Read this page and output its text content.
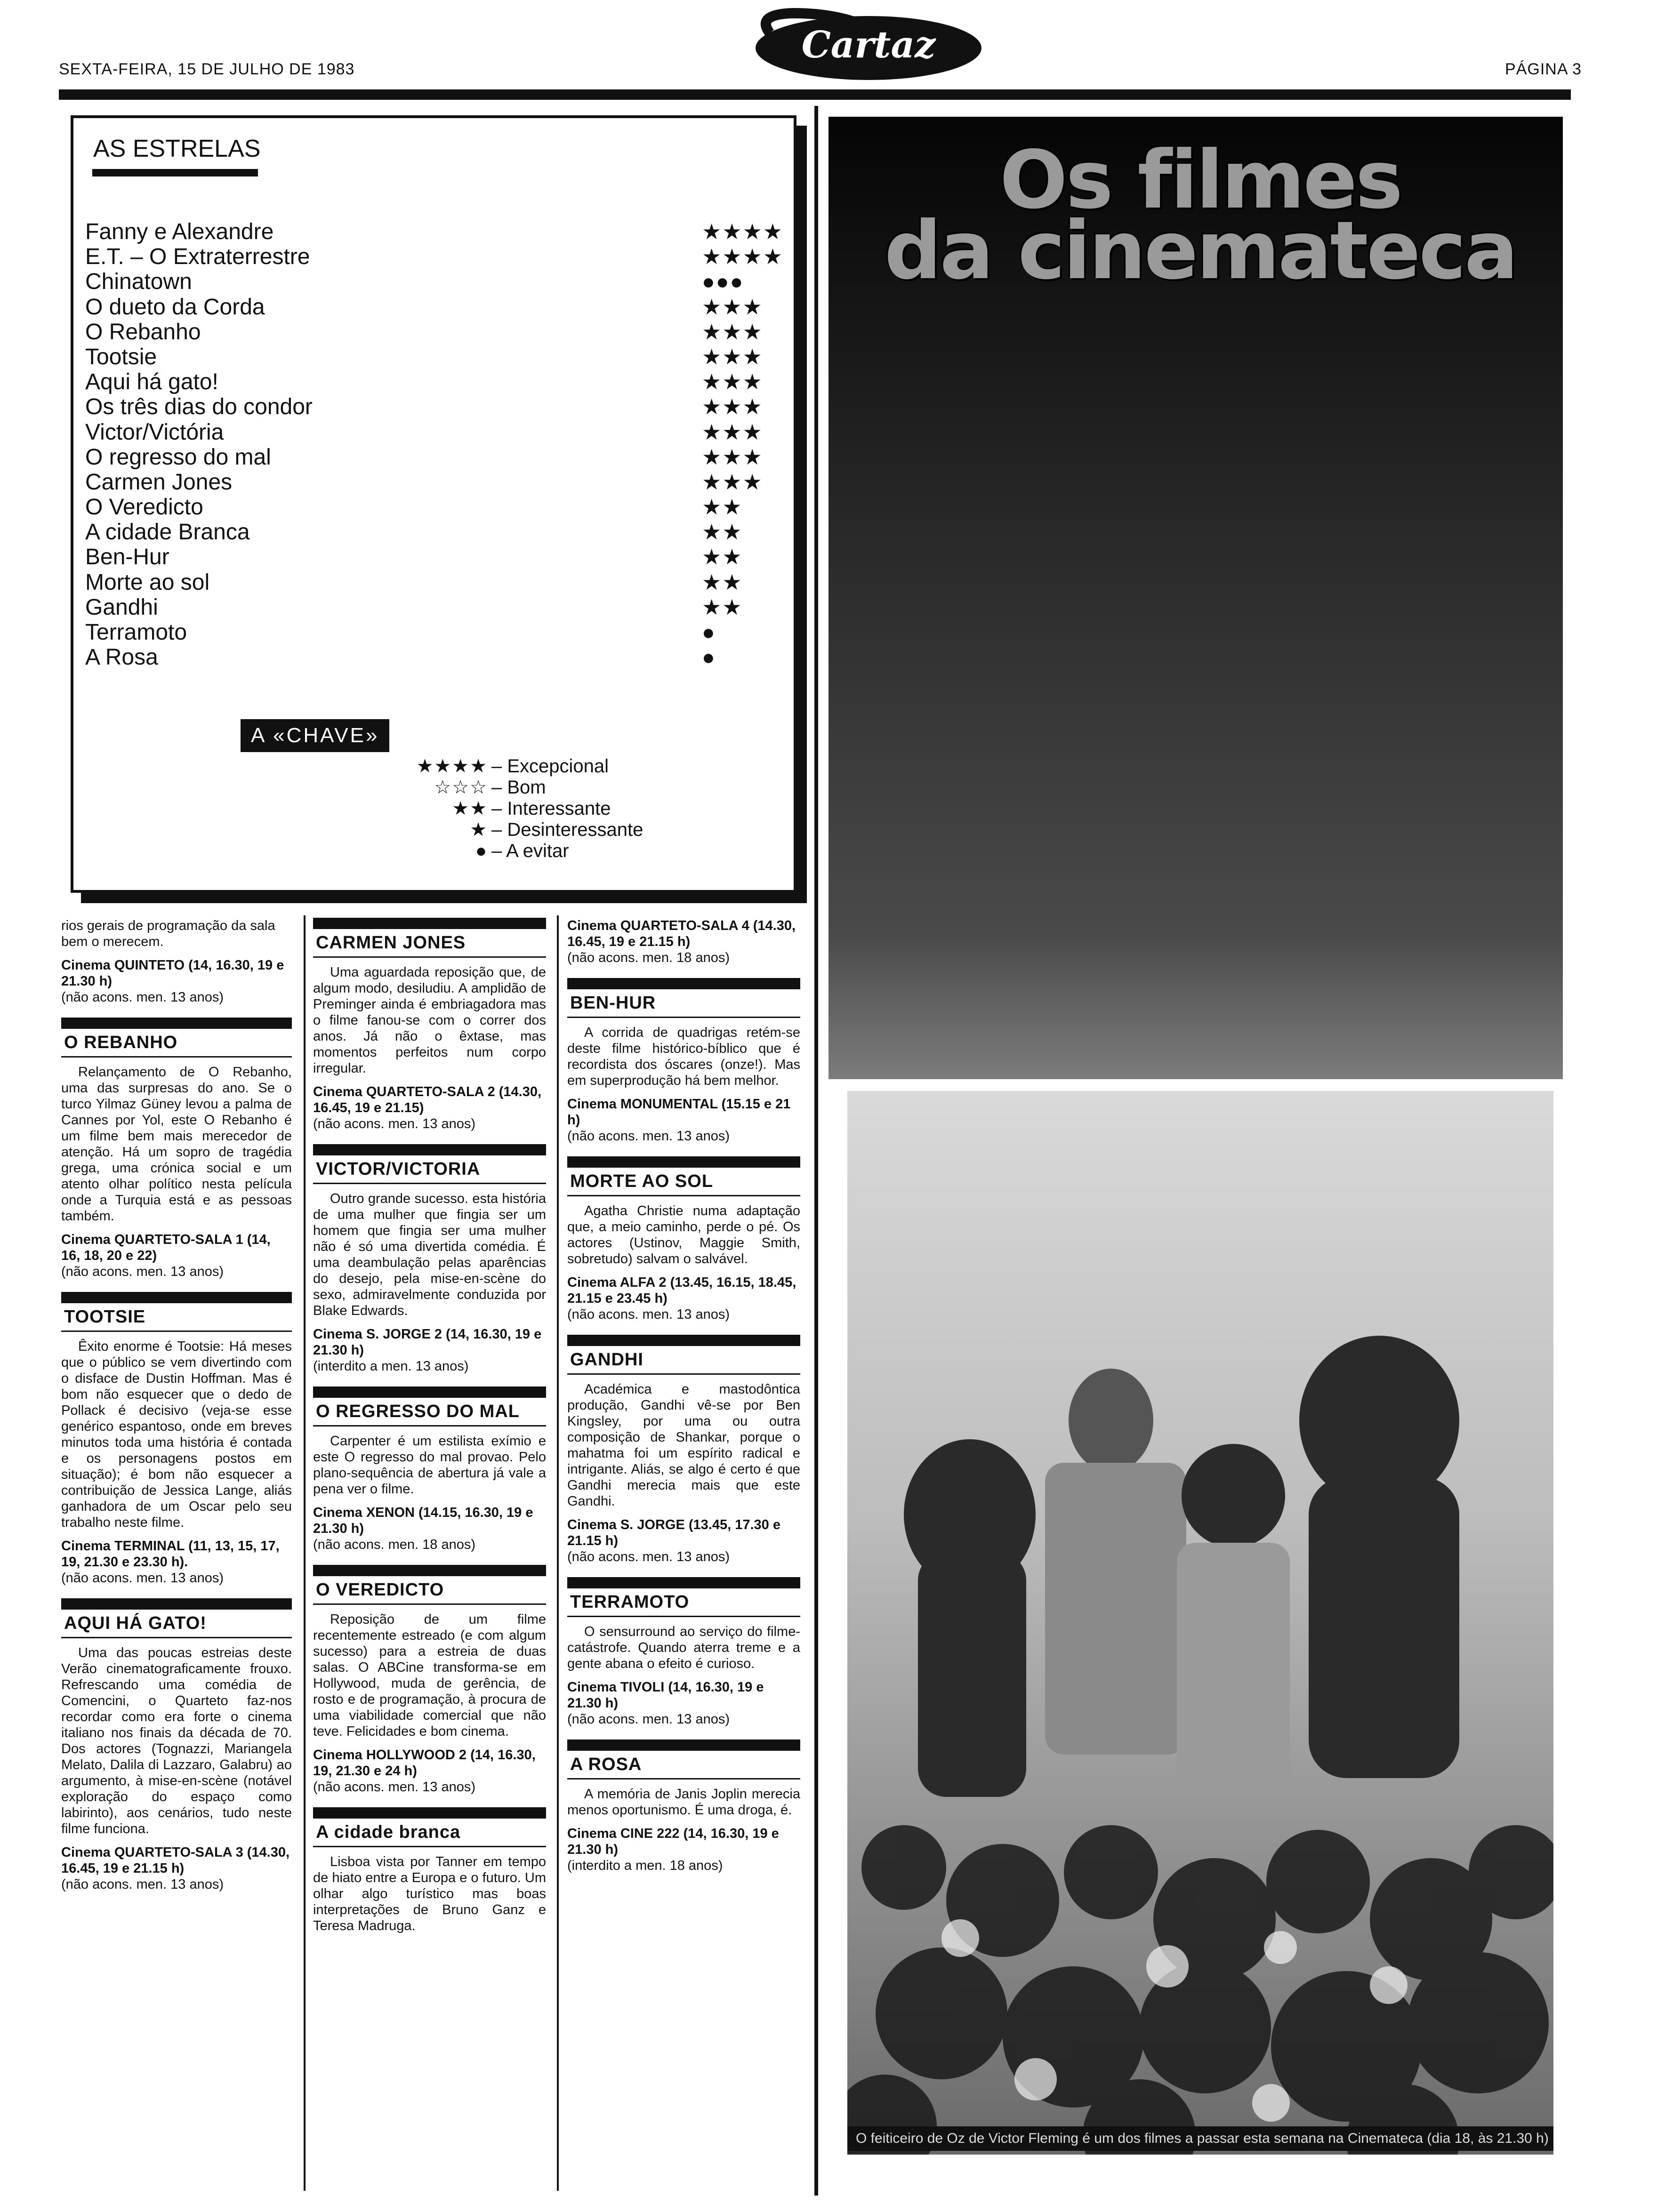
SEXTA-FEIRA, 15 DE JULHO DE 1983
Cartaz
PÁGINA 3
AS ESTRELAS
Fanny e Alexandre	★★★★
E.T. – O Extraterrestre	★★★★
Chinatown	●●●
O dueto da Corda	★★★
O Rebanho	★★★
Tootsie	★★★
Aqui há gato!	★★★
Os três dias do condor	★★★
Victor/Victória	★★★
O regresso do mal	★★★
Carmen Jones	★★★
O Veredicto	★★
A cidade Branca	★★
Ben-Hur	★★
Morte ao sol	★★
Gandhi	★★
Terramoto	●
A Rosa	●
A «CHAVE»
★★★★ – Excepcional
☆☆☆ – Bom
★★ – Interessante
★ – Desinteressante
● – A evitar
Os filmes
da cinemateca
O feiticeiro de Oz de Victor Fleming é um dos filmes a passar esta semana na Cinemateca (dia 18, às 21.30 h)
rios gerais de programação da sala bem o merecem.
Cinema QUINTETO (14, 16.30, 19 e 21.30 h)
(não acons. men. 13 anos)
O REBANHO

Relançamento de O Rebanho, uma das surpresas do ano. Se o turco Yilmaz Güney levou a palma de Cannes por Yol, este O Rebanho é um filme bem mais merecedor de atenção. Há um sopro de tragédia grega, uma crónica social e um atento olhar político nesta película onde a Turquia está e as pessoas também.

Cinema QUARTETO-SALA 1 (14, 16, 18, 20 e 22)
(não acons. men. 13 anos)
TOOTSIE

Êxito enorme é Tootsie: Há meses que o público se vem divertindo com o disface de Dustin Hoffman. Mas é bom não esquecer que o dedo de Pollack é decisivo (veja-se esse genérico espantoso, onde em breves minutos toda uma história é contada e os personagens postos em situação); é bom não esquecer a contribuição de Jessica Lange, aliás ganhadora de um Oscar pelo seu trabalho neste filme.

Cinema TERMINAL (11, 13, 15, 17, 19, 21.30 e 23.30 h).
(não acons. men. 13 anos)
AQUI HÁ GATO!

Uma das poucas estreias deste Verão cinematograficamente frouxo. Refrescando uma comédia de Comencini, o Quarteto faz-nos recordar como era forte o cinema italiano nos finais da década de 70. Dos actores (Tognazzi, Mariangela Melato, Dalila di Lazzaro, Galabru) ao argumento, à mise-en-scène (notável exploração do espaço como labirinto), aos cenários, tudo neste filme funciona.

Cinema QUARTETO-SALA 3 (14.30, 16.45, 19 e 21.15 h)
(não acons. men. 13 anos)
CARMEN JONES

Uma aguardada reposição que, de algum modo, desiludiu. A amplidão de Preminger ainda é embriagadora mas o filme fanou-se com o correr dos anos. Já não o êxtase, mas momentos perfeitos num corpo irregular.

Cinema QUARTETO-SALA 2 (14.30, 16.45, 19 e 21.15)
(não acons. men. 13 anos)
VICTOR/VICTORIA

Outro grande sucesso. esta história de uma mulher que fingia ser um homem que fingia ser uma mulher não é só uma divertida comédia. É uma deambulação pelas aparências do desejo, pela mise-en-scène do sexo, admiravelmente conduzida por Blake Edwards.

Cinema S. JORGE 2 (14, 16.30, 19 e 21.30 h)
(interdito a men. 13 anos)
O REGRESSO DO MAL

Carpenter é um estilista exímio e este O regresso do mal provao. Pelo plano-sequência de abertura já vale a pena ver o filme.

Cinema XENON (14.15, 16.30, 19 e 21.30 h)
(não acons. men. 18 anos)
O VEREDICTO

Reposição de um filme recentemente estreado (e com algum sucesso) para a estreia de duas salas. O ABCine transforma-se em Hollywood, muda de gerência, de rosto e de programação, à procura de uma viabilidade comercial que não teve. Felicidades e bom cinema.

Cinema HOLLYWOOD 2 (14, 16.30, 19, 21.30 e 24 h)
(não acons. men. 13 anos)
A cidade branca

Lisboa vista por Tanner em tempo de hiato entre a Europa e o futuro. Um olhar algo turístico mas boas interpretações de Bruno Ganz e Teresa Madruga.

Cinema QUARTETO-SALA 4 (14.30, 16.45, 19 e 21.15 h)
(não acons. men. 18 anos)
BEN-HUR

A corrida de quadrigas retém-se deste filme histórico-bíblico que é recordista dos óscares (onze!). Mas em superprodução há bem melhor.

Cinema MONUMENTAL (15.15 e 21 h)
(não acons. men. 13 anos)
MORTE AO SOL

Agatha Christie numa adaptação que, a meio caminho, perde o pé. Os actores (Ustinov, Maggie Smith, sobretudo) salvam o salvável.

Cinema ALFA 2 (13.45, 16.15, 18.45, 21.15 e 23.45 h)
(não acons. men. 13 anos)
GANDHI

Académica e mastodôntica produção, Gandhi vê-se por Ben Kingsley, por uma ou outra composição de Shankar, porque o mahatma foi um espírito radical e intrigante. Aliás, se algo é certo é que Gandhi merecia mais que este Gandhi.

Cinema S. JORGE (13.45, 17.30 e 21.15 h)
(não acons. men. 13 anos)
TERRAMOTO

O sensurround ao serviço do filme-catástrofe. Quando aterra treme e a gente abana o efeito é curioso.

Cinema TIVOLI (14, 16.30, 19 e 21.30 h)
(não acons. men. 13 anos)
A ROSA

A memória de Janis Joplin merecia menos oportunismo. É uma droga, é.

Cinema CINE 222 (14, 16.30, 19 e 21.30 h)
(interdito a men. 18 anos)
